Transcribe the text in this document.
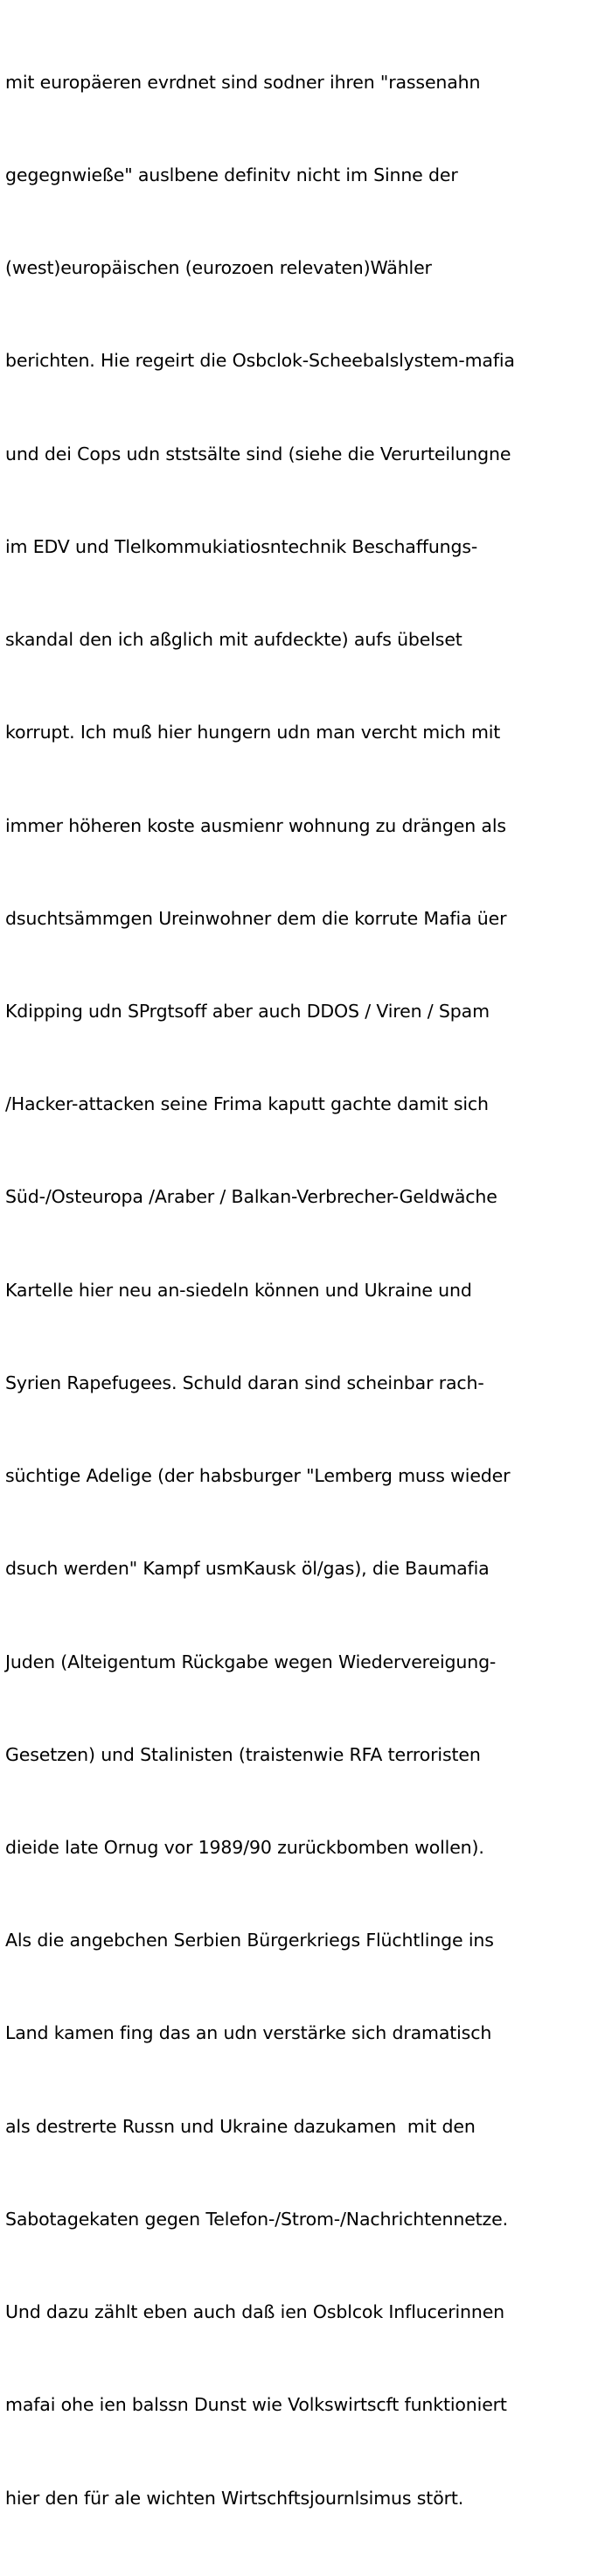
mit europäeren evrdnet sind sodner ihren "rassenahn

gegegnwieße" auslbene definitv nicht im Sinne der

(west)europäischen (eurozoen relevaten)Wähler

berichten. Hie regeirt die Osbclok-Scheebalslystem-mafia

und dei Cops udn ststsälte sind (siehe die Verurteilungne

im EDV und Tlelkommukiatiosntechnik Beschaffungs-

skandal den ich aßglich mit aufdeckte) aufs übelset

korrupt. Ich muß hier hungern udn man vercht mich mit

immer höheren koste ausmienr wohnung zu drängen als

dsuchtsämmgen Ureinwohner dem die korrute Mafia üer

Kdipping udn SPrgtsoff aber auch DDOS / Viren / Spam

/Hacker-attacken seine Frima kaputt gachte damit sich

Süd-/Osteuropa /Araber / Balkan-Verbrecher-Geldwäche

Kartelle hier neu an-siedeln können und Ukraine und

Syrien Rapefugees. Schuld daran sind scheinbar rach-

süchtige Adelige (der habsburger "Lemberg muss wieder

dsuch werden" Kampf usmKausk öl/gas), die Baumafia

Juden (Alteigentum Rückgabe wegen Wiedervereigung-

Gesetzen) und Stalinisten (traistenwie RFA terroristen

dieide late Ornug vor 1989/90 zurückbomben wollen).

Als die angebchen Serbien Bürgerkriegs Flüchtlinge ins

Land kamen fing das an udn verstärke sich dramatisch

als destrerte Russn und Ukraine dazukamen  mit den

Sabotagekaten gegen Telefon-/Strom-/Nachrichtennetze.

Und dazu zählt eben auch daß ien Osblcok Influcerinnen

mafai ohe ien balssn Dunst wie Volkswirtscft funktioniert

hier den für ale wichten Wirtschftsjournlsimus stört.
